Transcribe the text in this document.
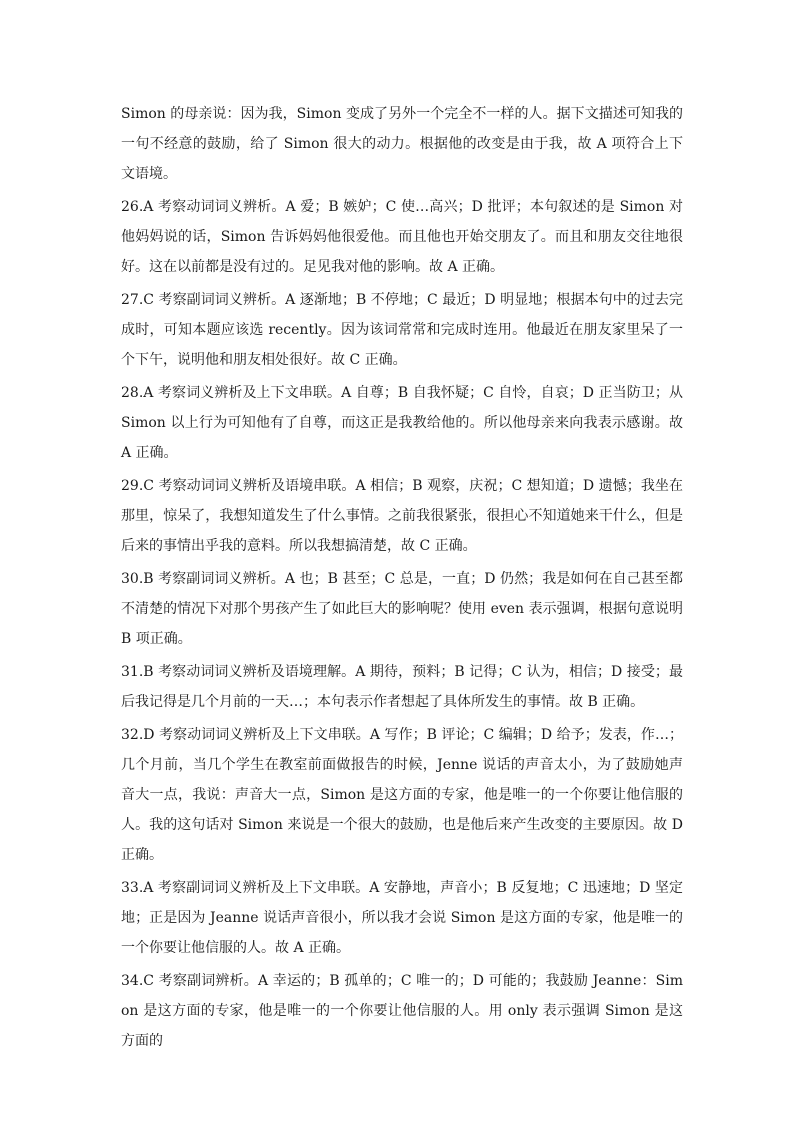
Simon 的母亲说：因为我，Simon 变成了另外一个完全不一样的人。据下文描述可知我的一句不经意的鼓励，给了 Simon 很大的动力。根据他的改变是由于我，故 A 项符合上下文语境。

26.A 考察动词词义辨析。A 爱；B 嫉妒；C 使…高兴；D 批评；本句叙述的是 Simon 对他妈妈说的话，Simon 告诉妈妈他很爱他。而且他也开始交朋友了。而且和朋友交往地很好。这在以前都是没有过的。足见我对他的影响。故 A 正确。

27.C 考察副词词义辨析。A 逐渐地；B 不停地；C 最近；D 明显地；根据本句中的过去完成时，可知本题应该选 recently。因为该词常常和完成时连用。他最近在朋友家里呆了一个下午，说明他和朋友相处很好。故 C 正确。

28.A 考察词义辨析及上下文串联。A 自尊；B 自我怀疑；C 自怜，自哀；D 正当防卫；从 Simon 以上行为可知他有了自尊，而这正是我教给他的。所以他母亲来向我表示感谢。故 A 正确。

29.C 考察动词词义辨析及语境串联。A 相信；B 观察，庆祝；C 想知道；D 遗憾；我坐在那里，惊呆了，我想知道发生了什么事情。之前我很紧张，很担心不知道她来干什么，但是后来的事情出乎我的意料。所以我想搞清楚，故 C 正确。

30.B 考察副词词义辨析。A 也；B 甚至；C 总是，一直；D 仍然；我是如何在自己甚至都不清楚的情况下对那个男孩产生了如此巨大的影响呢？使用 even 表示强调，根据句意说明 B 项正确。

31.B 考察动词词义辨析及语境理解。A 期待，预料；B 记得；C 认为，相信；D 接受；最后我记得是几个月前的一天…；本句表示作者想起了具体所发生的事情。故 B 正确。

32.D 考察动词词义辨析及上下文串联。A 写作；B 评论；C 编辑；D 给予；发表，作…；几个月前，当几个学生在教室前面做报告的时候，Jenne 说话的声音太小，为了鼓励她声音大一点，我说：声音大一点，Simon 是这方面的专家，他是唯一的一个你要让他信服的人。我的这句话对 Simon 来说是一个很大的鼓励，也是他后来产生改变的主要原因。故 D 正确。

33.A 考察副词词义辨析及上下文串联。A 安静地，声音小；B 反复地；C 迅速地；D 坚定地；正是因为 Jeanne 说话声音很小，所以我才会说 Simon 是这方面的专家，他是唯一的一个你要让他信服的人。故 A 正确。

34.C 考察副词辨析。A 幸运的；B 孤单的；C 唯一的；D 可能的；我鼓励 Jeanne：Simon 是这方面的专家，他是唯一的一个你要让他信服的人。用 only 表示强调 Simon 是这方面的
